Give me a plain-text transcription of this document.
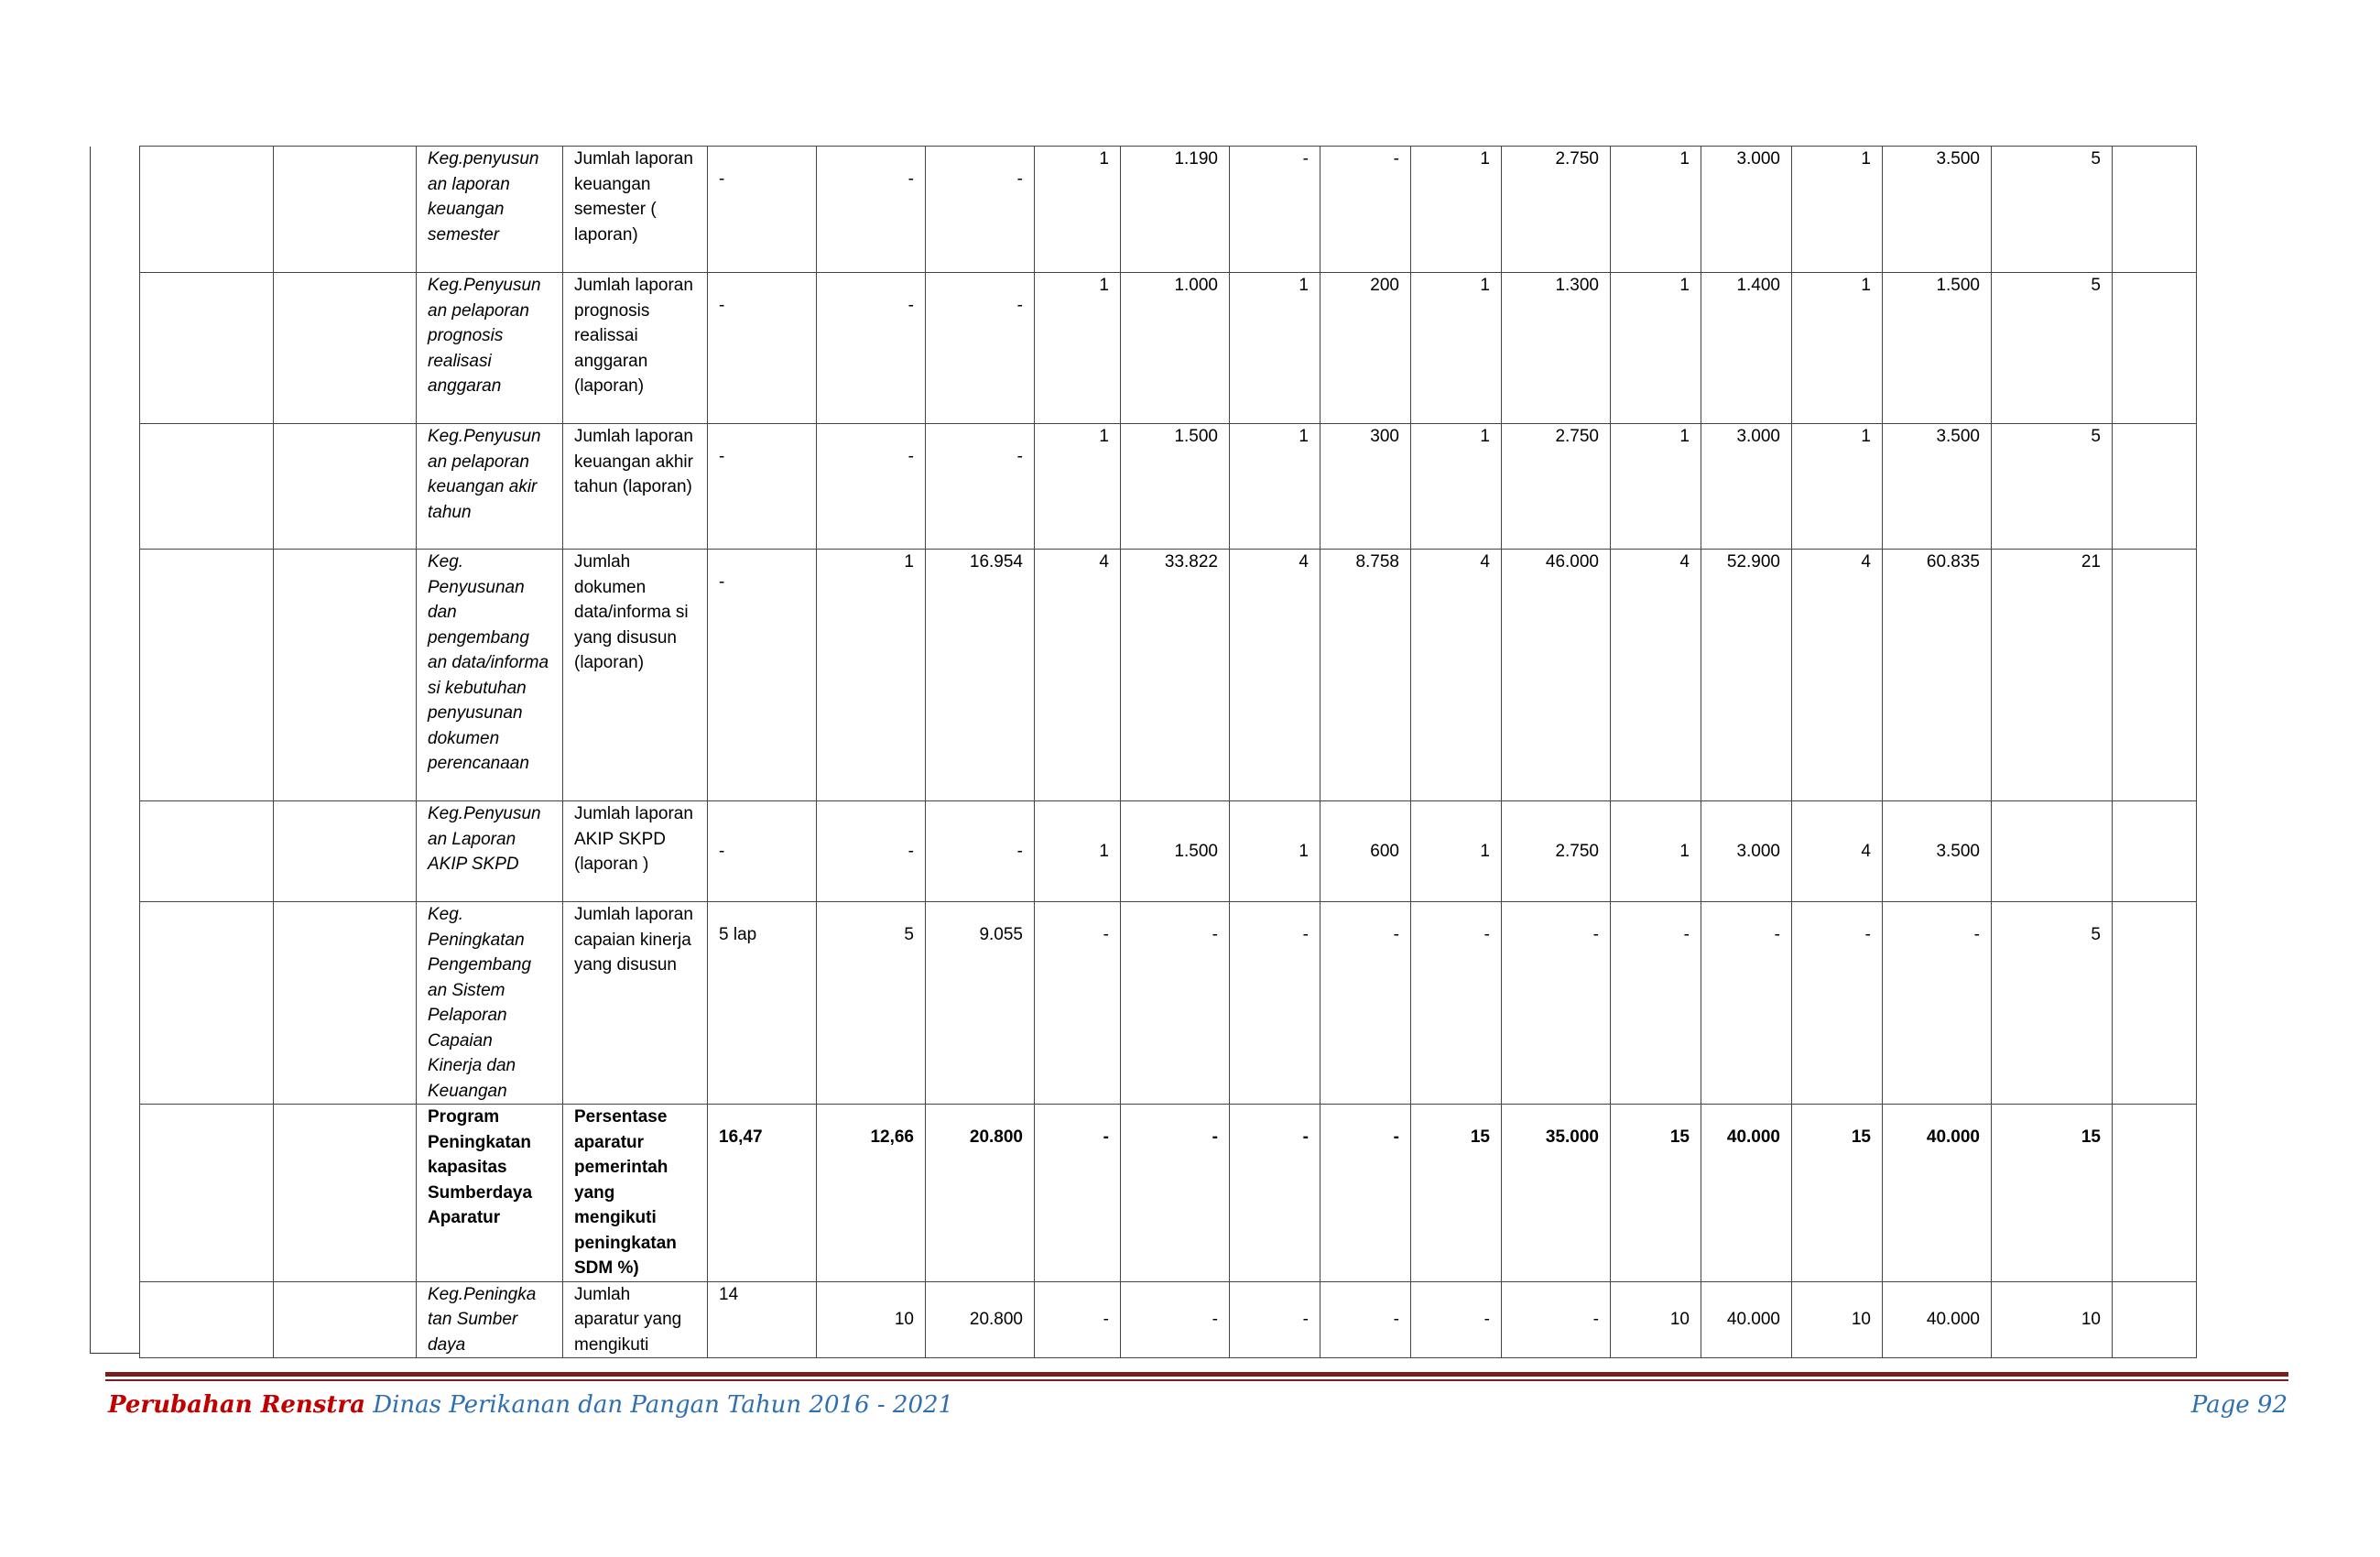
		Keg.penyusun an laporan keuangan semester	Jumlah laporan keuangan semester ( laporan)	-	-	-	1	1.190	-	-	1	2.750	1	3.000	1	3.500	5	
		Keg.Penyusun an pelaporan prognosis realisasi anggaran	Jumlah laporan prognosis realissai anggaran (laporan)	-	-	-	1	1.000	1	200	1	1.300	1	1.400	1	1.500	5	
		Keg.Penyusun an pelaporan keuangan akir tahun	Jumlah laporan keuangan akhir tahun (laporan)	-	-	-	1	1.500	1	300	1	2.750	1	3.000	1	3.500	5	
		Keg. Penyusunan dan pengembang an data/informa si kebutuhan penyusunan dokumen perencanaan	Jumlah dokumen data/informa si yang disusun (laporan)	-	1	16.954	4	33.822	4	8.758	4	46.000	4	52.900	4	60.835	21	
		Keg.Penyusun an Laporan AKIP SKPD	Jumlah laporan AKIP SKPD (laporan )	-	-	-	1	1.500	1	600	1	2.750	1	3.000	4	3.500		
		Keg. Peningkatan Pengembang an Sistem Pelaporan Capaian Kinerja dan Keuangan	Jumlah laporan capaian kinerja yang disusun	5 lap	5	9.055	-	-	-	-	-	-	-	-	-	-	5	
		Program Peningkatan kapasitas Sumberdaya Aparatur	Persentase aparatur pemerintah yang mengikuti peningkatan SDM %)	16,47	12,66	20.800	-	-	-	-	15	35.000	15	40.000	15	40.000	15	
		Keg.Peningka tan Sumber daya	Jumlah aparatur yang mengikuti	14	10	20.800	-	-	-	-	-	-	10	40.000	10	40.000	10	
Perubahan Renstra Dinas Perikanan dan Pangan Tahun 2016 - 2021	Page 92
